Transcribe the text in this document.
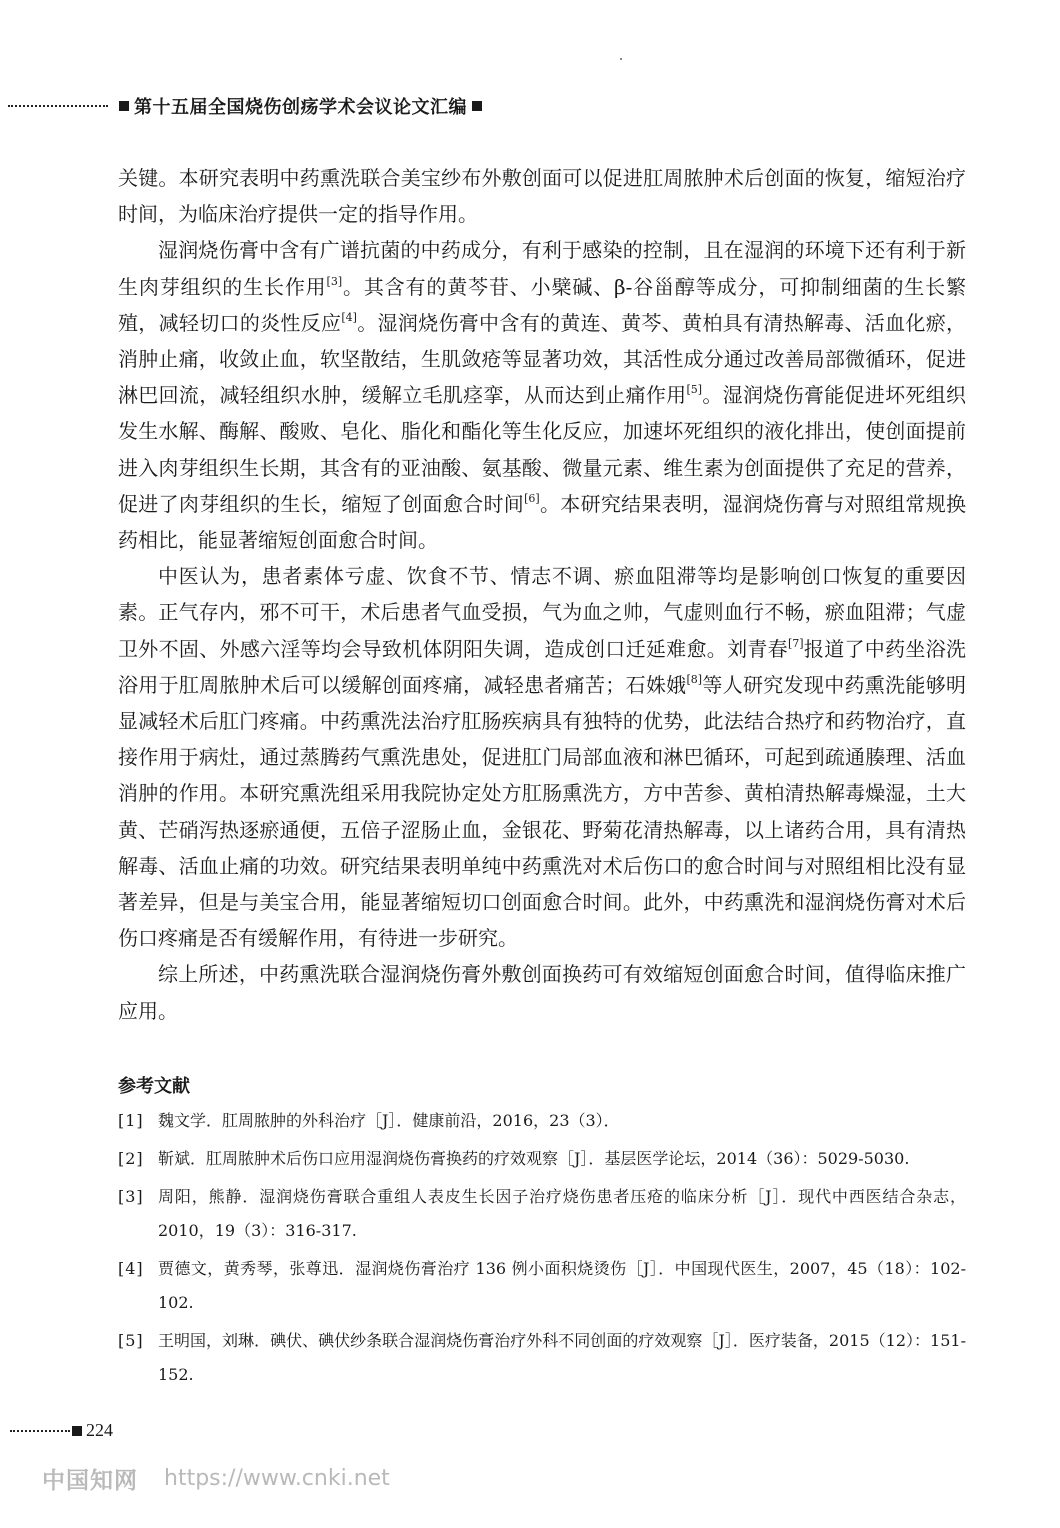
第十五届全国烧伤创疡学术会议论文汇编

关键。本研究表明中药熏洗联合美宝纱布外敷创面可以促进肛周脓肿术后创面的恢复，缩短治疗时间，为临床治疗提供一定的指导作用。

湿润烧伤膏中含有广谱抗菌的中药成分，有利于感染的控制，且在湿润的环境下还有利于新生肉芽组织的生长作用[3]。其含有的黄芩苷、小檗碱、β-谷甾醇等成分，可抑制细菌的生长繁殖，减轻切口的炎性反应[4]。湿润烧伤膏中含有的黄连、黄芩、黄柏具有清热解毒、活血化瘀，消肿止痛，收敛止血，软坚散结，生肌敛疮等显著功效，其活性成分通过改善局部微循环，促进淋巴回流，减轻组织水肿，缓解立毛肌痉挛，从而达到止痛作用[5]。湿润烧伤膏能促进坏死组织发生水解、酶解、酸败、皂化、脂化和酯化等生化反应，加速坏死组织的液化排出，使创面提前进入肉芽组织生长期，其含有的亚油酸、氨基酸、微量元素、维生素为创面提供了充足的营养，促进了肉芽组织的生长，缩短了创面愈合时间[6]。本研究结果表明，湿润烧伤膏与对照组常规换药相比，能显著缩短创面愈合时间。

中医认为，患者素体亏虚、饮食不节、情志不调、瘀血阻滞等均是影响创口恢复的重要因素。正气存内，邪不可干，术后患者气血受损，气为血之帅，气虚则血行不畅，瘀血阻滞；气虚卫外不固、外感六淫等均会导致机体阴阳失调，造成创口迁延难愈。刘青春[7]报道了中药坐浴洗浴用于肛周脓肿术后可以缓解创面疼痛，减轻患者痛苦；石姝娥[8]等人研究发现中药熏洗能够明显减轻术后肛门疼痛。中药熏洗法治疗肛肠疾病具有独特的优势，此法结合热疗和药物治疗，直接作用于病灶，通过蒸腾药气熏洗患处，促进肛门局部血液和淋巴循环，可起到疏通腠理、活血消肿的作用。本研究熏洗组采用我院协定处方肛肠熏洗方，方中苦参、黄柏清热解毒燥湿，土大黄、芒硝泻热逐瘀通便，五倍子涩肠止血，金银花、野菊花清热解毒，以上诸药合用，具有清热解毒、活血止痛的功效。研究结果表明单纯中药熏洗对术后伤口的愈合时间与对照组相比没有显著差异，但是与美宝合用，能显著缩短切口创面愈合时间。此外，中药熏洗和湿润烧伤膏对术后伤口疼痛是否有缓解作用，有待进一步研究。

综上所述，中药熏洗联合湿润烧伤膏外敷创面换药可有效缩短创面愈合时间，值得临床推广应用。

参考文献
[1] 魏文学．肛周脓肿的外科治疗［J］．健康前沿，2016，23（3）．
[2] 靳斌．肛周脓肿术后伤口应用湿润烧伤膏换药的疗效观察［J］．基层医学论坛，2014（36）：5029-5030.
[3] 周阳，熊静．湿润烧伤膏联合重组人表皮生长因子治疗烧伤患者压疮的临床分析［J］．现代中西医结合杂志，2010，19（3）：316-317.
[4] 贾德文，黄秀琴，张尊迅．湿润烧伤膏治疗 136 例小面积烧烫伤［J］．中国现代医生，2007，45（18）：102-102.
[5] 王明国，刘琳．碘伏、碘伏纱条联合湿润烧伤膏治疗外科不同创面的疗效观察［J］．医疗装备，2015（12）：151-152.
224
中国知网 https://www.cnki.net
